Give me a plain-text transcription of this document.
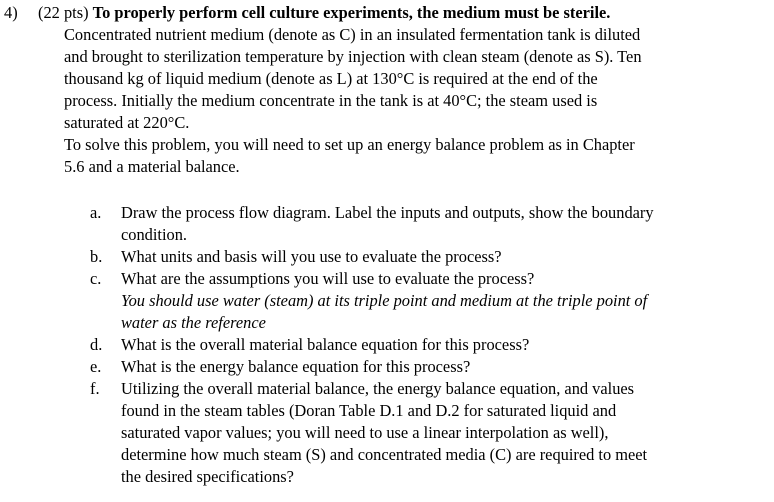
4) (22 pts) To properly perform cell culture experiments, the medium must be sterile.
Concentrated nutrient medium (denote as C) in an insulated fermentation tank is diluted
and brought to sterilization temperature by injection with clean steam (denote as S). Ten
thousand kg of liquid medium (denote as L) at 130°C is required at the end of the
process. Initially the medium concentrate in the tank is at 40°C; the steam used is
saturated at 220°C.
To solve this problem, you will need to set up an energy balance problem as in Chapter
5.6 and a material balance.
a. Draw the process flow diagram. Label the inputs and outputs, show the boundary
condition.
b. What units and basis will you use to evaluate the process?
c. What are the assumptions you will use to evaluate the process?
You should use water (steam) at its triple point and medium at the triple point of
water as the reference
d. What is the overall material balance equation for this process?
e. What is the energy balance equation for this process?
f. Utilizing the overall material balance, the energy balance equation, and values
found in the steam tables (Doran Table D.1 and D.2 for saturated liquid and
saturated vapor values; you will need to use a linear interpolation as well),
determine how much steam (S) and concentrated media (C) are required to meet
the desired specifications?
